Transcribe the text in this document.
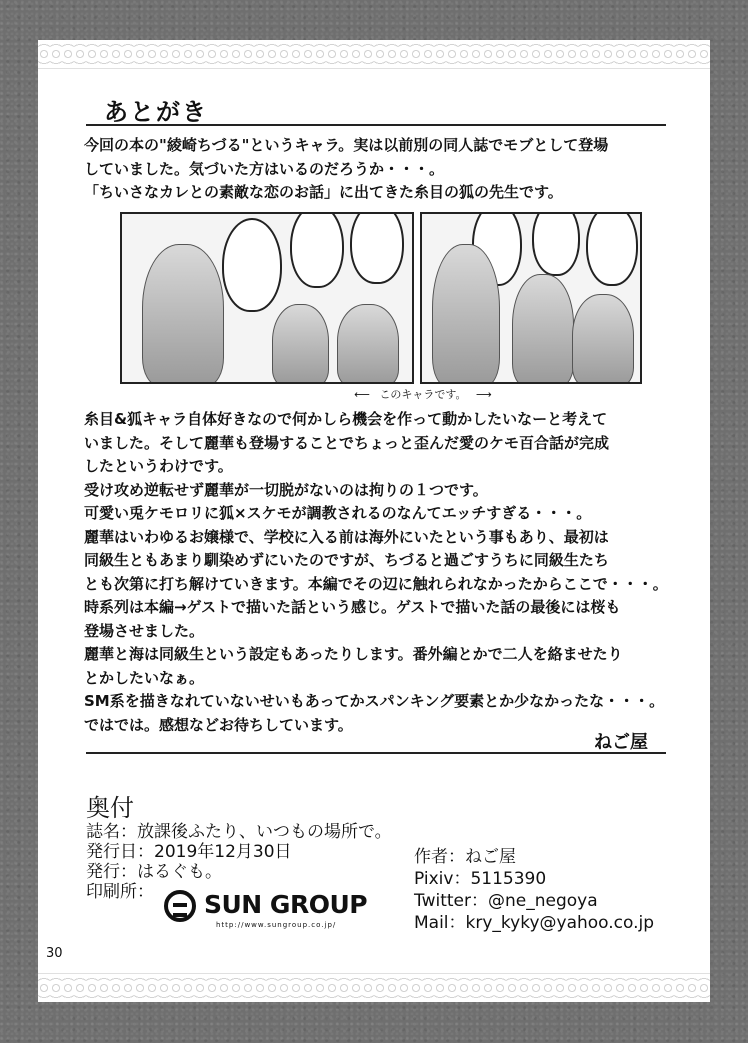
あとがき

今回の本の"綾崎ちづる"というキャラ。実は以前別の同人誌でモブとして登場

していました。気づいた方はいるのだろうか・・・。

「ちいさなカレとの素敵な恋のお話」に出てきた糸目の狐の先生です。

⟵ このキャラです。 ⟶

糸目&狐キャラ自体好きなので何かしら機会を作って動かしたいなーと考えて

いました。そして麗華も登場することでちょっと歪んだ愛のケモ百合話が完成

したというわけです。

受け攻め逆転せず麗華が一切脱がないのは拘りの１つです。

可愛い兎ケモロリに狐×スケモが調教されるのなんてエッチすぎる・・・。

麗華はいわゆるお嬢様で、学校に入る前は海外にいたという事もあり、最初は

同級生ともあまり馴染めずにいたのですが、ちづると過ごすうちに同級生たち

とも次第に打ち解けていきます。本編でその辺に触れられなかったからここで・・・。

時系列は本編→ゲストで描いた話という感じ。ゲストで描いた話の最後には桜も

登場させました。

麗華と海は同級生という設定もあったりします。番外編とかで二人を絡ませたり

とかしたいなぁ。

SM系を描きなれていないせいもあってかスパンキング要素とか少なかったな・・・。

ではでは。感想などお待ちしています。

ねご屋
奥付
誌名：放課後ふたり、いつもの場所で。
発行日：2019年12月30日
発行：はるぐも。
印刷所：	SUN GROUP
http://www.sungroup.co.jp/
作者：ねご屋
Pixiv：5115390
Twitter：@ne_negoya
Mail：kry_kyky@yahoo.co.jp
30
